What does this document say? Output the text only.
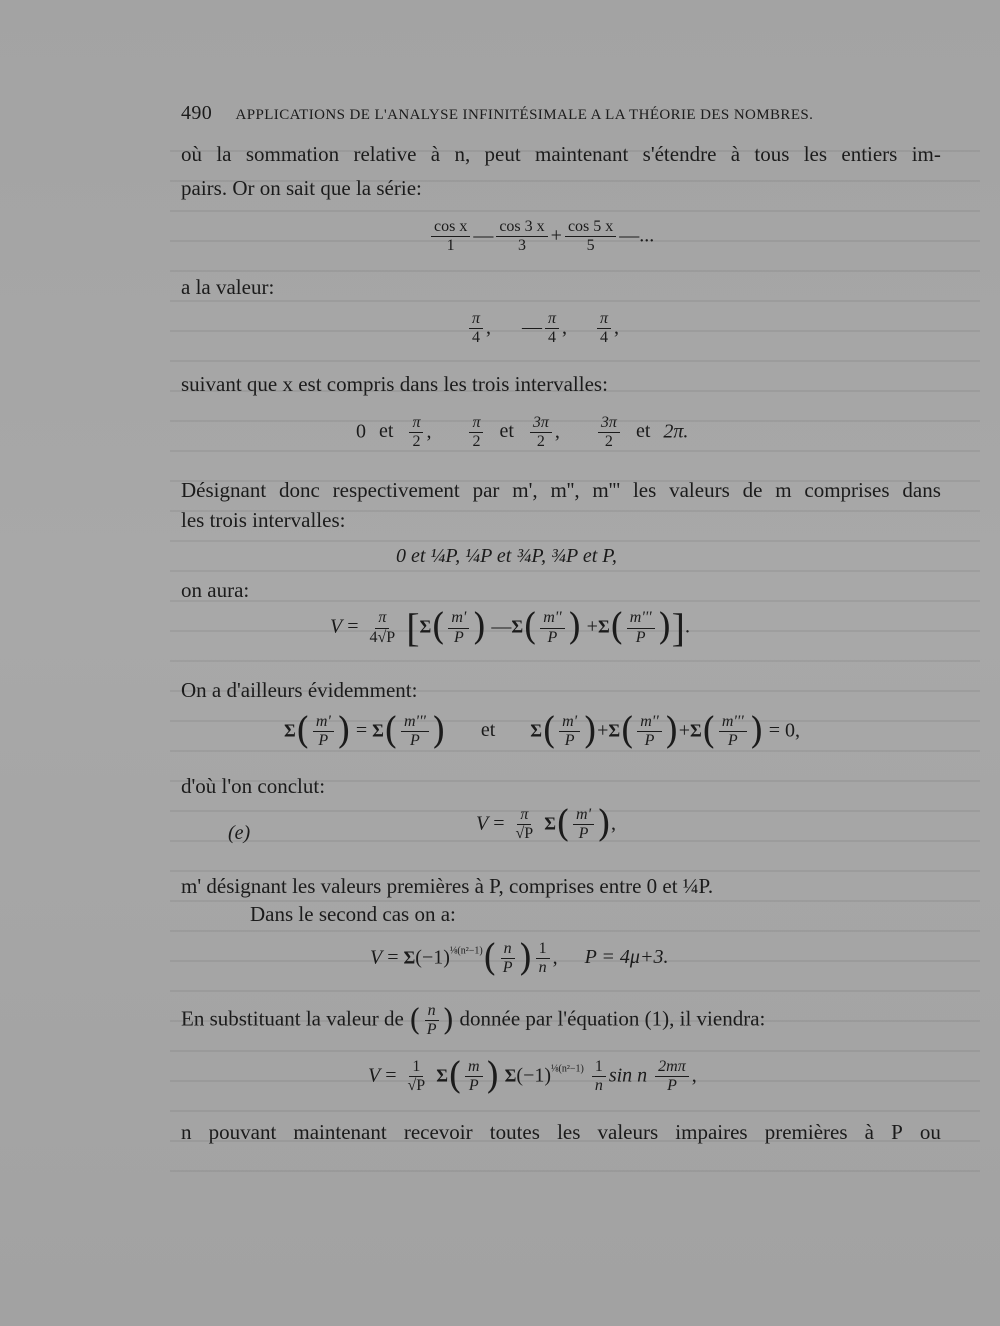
490 APPLICATIONS DE L'ANALYSE INFINITÉSIMALE A LA THÉORIE DES NOMBRES.
où la sommation relative à n, peut maintenant s'étendre à tous les entiers im-
pairs. Or on sait que la série:
$\frac{\text{cos x}}{1}$ — $\frac{\cos 3 x}{3} + \frac{\cos 5 x}{5}$ —...
a la valeur:
$\frac{\pi}{4}$ , — $\frac{\pi}{4}$ , $\frac{\pi}{4}$ ,
suivant que x est compris dans les trois intervalles:
0 et $\frac{\pi}{2}$ , $\frac{\pi}{2}$ et $\frac{3\pi}{2}$ , $\frac{3\pi}{2}$ et 2π.
Désignant donc respectivement par m', m'', m''' les valeurs de m comprises dans
les trois intervalles:
0 et ¼P, ¼P et ¾P, ¾P et P,
on aura:
$V = \frac{\pi}{4√P} [\Sigma( \frac{m'}{P}$ ) —Σ( $\frac{m''}{P}$ ) $+\Sigma( \frac{m'''}{P}$ )].
On a d'ailleurs évidemment:
$\Sigma( \frac{m'}{P}$ ) = $\Sigma( \frac{m'''}{P}$ ) et $\Sigma( \frac{m'}{P} )+\Sigma( \frac{m''}{P} )+\Sigma( \frac{m'''}{P}$ ) = 0,
d'où l'on conclut:
(e)	$V = \frac{\pi}{√P} \Sigma( \frac{m'}{P}$ ),
m' désignant les valeurs premières à P, comprises entre 0 et ¼P.
Dans le second cas on a:
$V = \Sigma(-1)^{\frac{1}{8}(n^2-1)}( \frac{n}{P}$ ) $\frac{1}{n}$ , P = 4μ+3.
En substituant la valeur de ( $\frac{n}{P}$ ) donnée par l'équation (1), il viendra:
$V = \frac{1}{√P} \Sigma( \frac{m}{P}$ ) $\Sigma(-1)^{\frac{1}{8}(n^2-1)} \frac{1}{n}$ sin n $\frac{2m\pi}{P}$ ,
n pouvant maintenant recevoir toutes les valeurs impaires premières à P ou
